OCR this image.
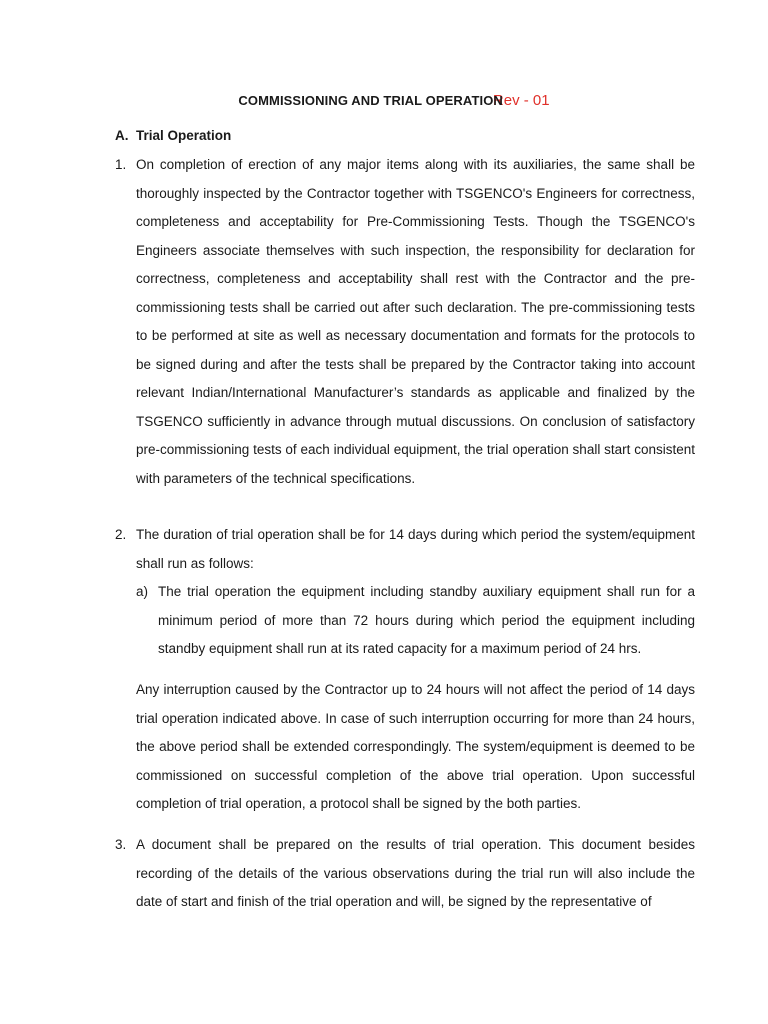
COMMISSIONING AND TRIAL OPERATIONRev - 01
A. Trial Operation
1. On completion of erection of any major items along with its auxiliaries, the same shall be thoroughly inspected by the Contractor together with TSGENCO's Engineers for correctness, completeness and acceptability for Pre-Commissioning Tests. Though the TSGENCO's Engineers associate themselves with such inspection, the responsibility for declaration for correctness, completeness and acceptability shall rest with the Contractor and the pre-commissioning tests shall be carried out after such declaration. The pre-commissioning tests to be performed at site as well as necessary documentation and formats for the protocols to be signed during and after the tests shall be prepared by the Contractor taking into account relevant Indian/International Manufacturer’s standards as applicable and finalized by the TSGENCO sufficiently in advance through mutual discussions. On conclusion of satisfactory pre-commissioning tests of each individual equipment, the trial operation shall start consistent with parameters of the technical specifications.
2. The duration of trial operation shall be for 14 days during which period the system/equipment shall run as follows:
a) The trial operation the equipment including standby auxiliary equipment shall run for a minimum period of more than 72 hours during which period the equipment including standby equipment shall run at its rated capacity for a maximum period of 24 hrs.
Any interruption caused by the Contractor up to 24 hours will not affect the period of 14 days trial operation indicated above. In case of such interruption occurring for more than 24 hours, the above period shall be extended correspondingly. The system/equipment is deemed to be commissioned on successful completion of the above trial operation. Upon successful completion of trial operation, a protocol shall be signed by the both parties.
3. A document shall be prepared on the results of trial operation. This document besides recording of the details of the various observations during the trial run will also include the date of start and finish of the trial operation and will, be signed by the representative of
